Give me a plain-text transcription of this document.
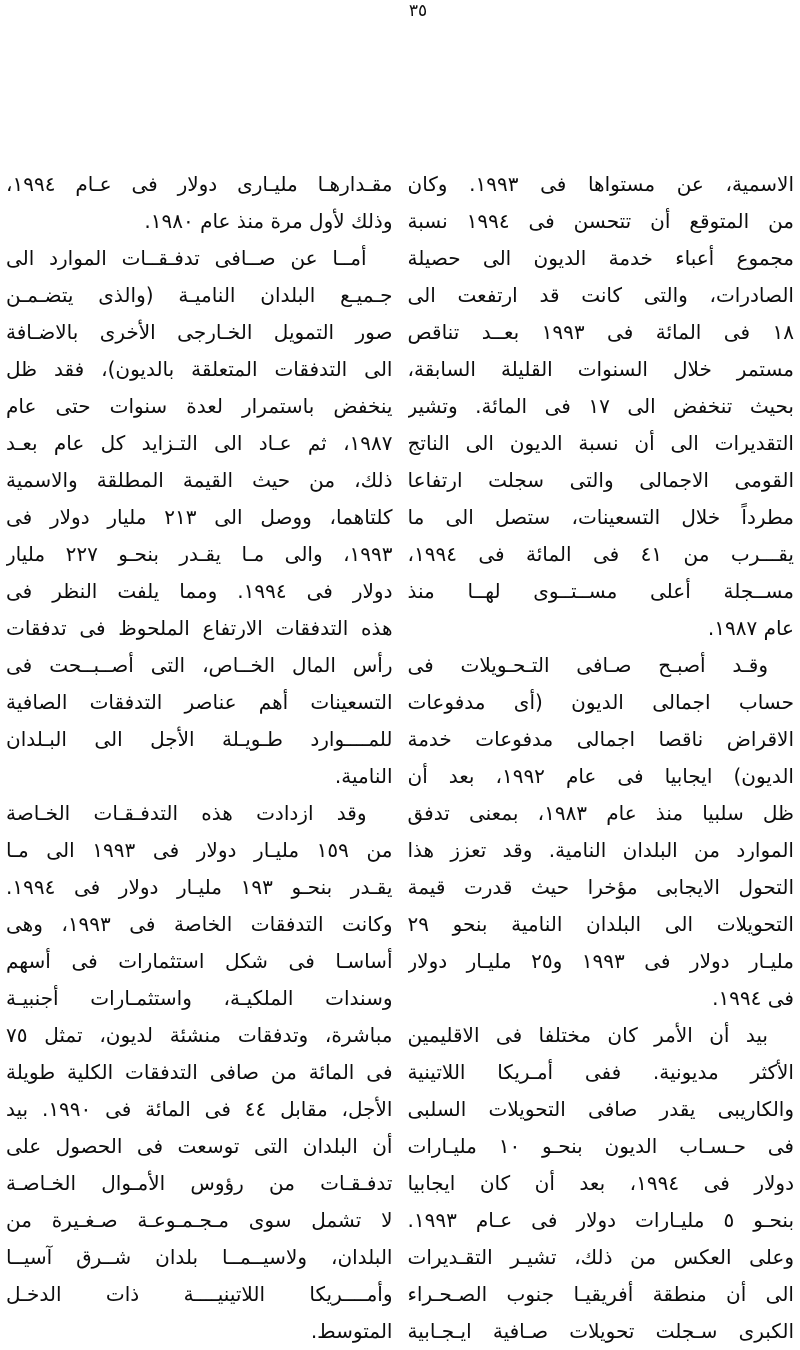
٣٥
الاسمية، عن مستواها فى ١٩٩٣. وكان
من المتوقع أن تتحسن فى ١٩٩٤ نسبة
مجموع أعباء خدمة الديون الى حصيلة
الصادرات، والتى كانت قد ارتفعت الى
١٨ فى المائة فى ١٩٩٣ بعــد تناقص
مستمر خلال السنوات القليلة السابقة،
بحيث تنخفض الى ١٧ فى المائة. وتشير
التقديرات الى أن نسبة الديون الى الناتج
القومى الاجمالى والتى سجلت ارتفاعا
مطرداً خلال التسعينات، ستصل الى ما
يقـــرب من ٤١ فى المائة فى ١٩٩٤،
مســجلة أعلى مســتــوى لهــا منذ
عام ١٩٨٧.
وقـد أصبـح صـافى التـحـويلات فى
حساب اجمالى الديون (أى مدفوعات
الاقراض ناقصا اجمالى مدفوعات خدمة
الديون) ايجابيا فى عام ١٩٩٢، بعد أن
ظل سلبيا منذ عام ١٩٨٣، بمعنى تدفق
الموارد من البلدان النامية. وقد تعزز هذا
التحول الايجابى مؤخرا حيث قدرت قيمة
التحويلات الى البلدان النامية بنحو ٢٩
مليـار دولار فى ١٩٩٣ و٢٥ مليـار دولار
فى ١٩٩٤.
بيد أن الأمر كان مختلفا فى الاقليمين
الأكثر مديونية. ففى أمـريكا اللاتينية
والكاريبى يقدر صافى التحويلات السلبى
فى حـسـاب الديون بنحـو ١٠ مليـارات
دولار فى ١٩٩٤، بعد أن كان ايجابيا
بنحـو ٥ مليـارات دولار فى عـام ١٩٩٣.
وعلى العكس من ذلك، تشيـر التقـديرات
الى أن منطقة أفريقيـا جنوب الصـحـراء
الكبرى سـجلت تحويلات صـافية ايـجـابية
مقـدارهـا مليـارى دولار فى عـام ١٩٩٤،
وذلك لأول مرة منذ عام ١٩٨٠.
أمــا عن صــافى تدفـقــات الموارد الى
جـميـع البلدان الناميـة (والذى يتضـمـن
صور التمويل الخـارجى الأخرى بالاضـافة
الى التدفقات المتعلقة بالديون)، فقد ظل
ينخفض باستمرار لعدة سنوات حتى عام
١٩٨٧، ثم عـاد الى التـزايد كل عام بعـد
ذلك، من حيث القيمة المطلقة والاسمية
كلتاهما، ووصل الى ٢١٣ مليار دولار فى
١٩٩٣، والى مـا يقـدر بنحـو ٢٢٧ مليار
دولار فى ١٩٩٤. ومما يلفت النظر فى
هذه التدفقات الارتفاع الملحوظ فى تدفقات
رأس المال الخــاص، التى أصــبــحت فى
التسعينات أهم عناصر التدفقات الصافية
للمــــوارد طـويـلة الأجل الى البـلدان
النامية.
وقد ازدادت هذه التدفـقـات الخـاصة
من ١٥٩ مليـار دولار فى ١٩٩٣ الى مـا
يقـدر بنحـو ١٩٣ مليـار دولار فى ١٩٩٤.
وكانت التدفقات الخاصة فى ١٩٩٣، وهى
أساسـا فى شكل استثمارات فى أسهم
وسندات الملكيـة، واستثمـارات أجنبيـة
مباشرة، وتدفقات منشئة لديون، تمثل ٧٥
فى المائة من صافى التدفقات الكلية طويلة
الأجل، مقابل ٤٤ فى المائة فى ١٩٩٠. بيد
أن البلدان التى توسعت فى الحصول على
تدفـقـات من رؤوس الأمـوال الخـاصـة
لا تشمل سوى مـجـمـوعـة صـغـيرة من
البلدان، ولاسيــمــا بلدان شــرق آسيــا
وأمــــريكا اللاتينيــــة ذات الدخـل
المتوسط.
